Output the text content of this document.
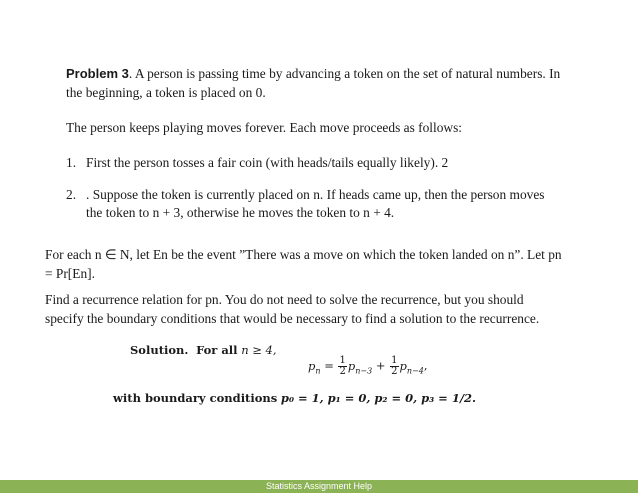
Problem 3. A person is passing time by advancing a token on the set of natural numbers. In

the beginning, a token is placed on 0.

The person keeps playing moves forever. Each move proceeds as follows:

1. First the person tosses a fair coin (with heads/tails equally likely). 2

2. . Suppose the token is currently placed on n. If heads came up, then the person moves

the token to n + 3, otherwise he moves the token to n + 4.

For each n ∈ N, let En be the event ”There was a move on which the token landed on n”. Let pn

= Pr[En].

Find a recurrence relation for pn. You do not need to solve the recurrence, but you should

specify the boundary conditions that would be necessary to find a solution to the recurrence.

Solution. For all n ≥ 4,
$p_n = \frac{1}{2} p_{n-3} + \frac{1}{2} p_{n-4}$,
with boundary conditions p₀ = 1, p₁ = 0, p₂ = 0, p₃ = 1/2.
Statistics Assignment Help
